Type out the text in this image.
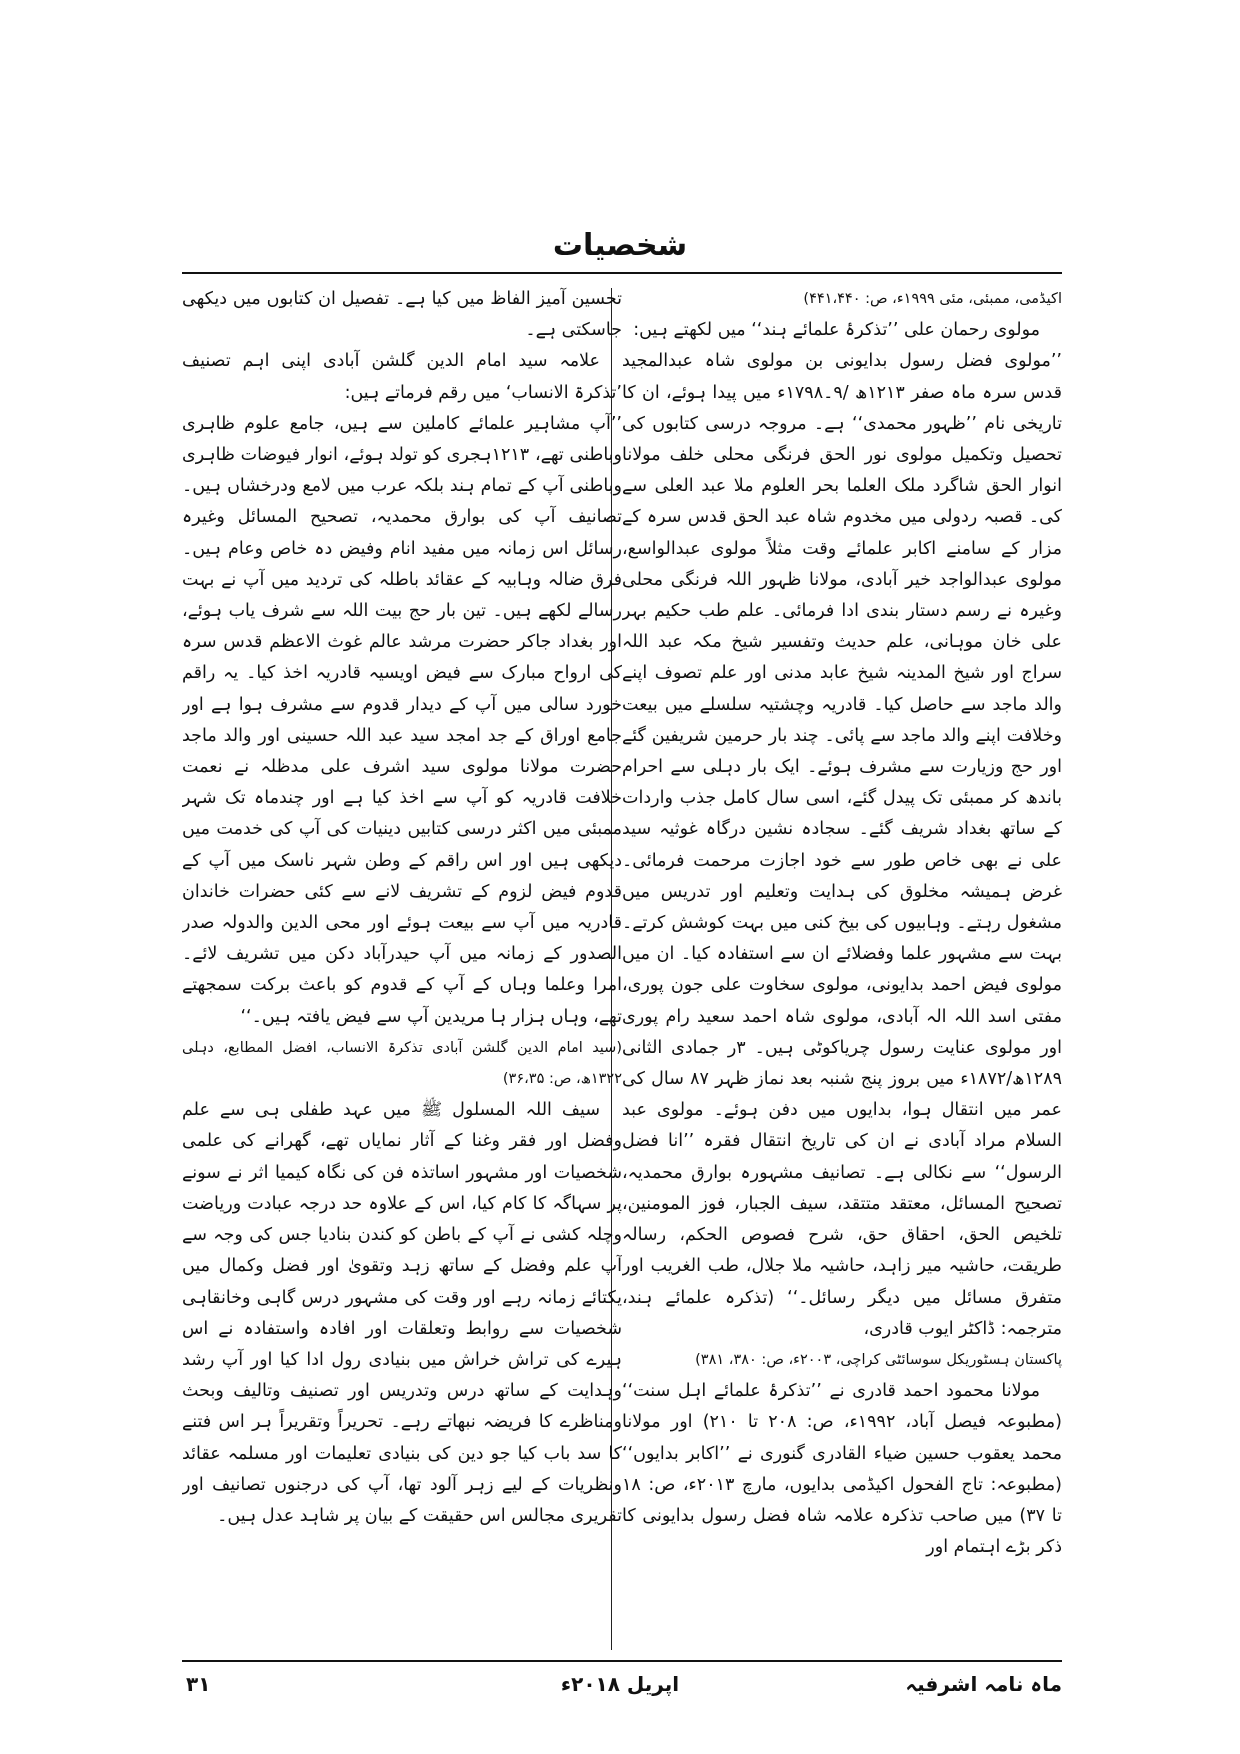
شخصیات

اکیڈمی، ممبئی، مئی ۱۹۹۹ء، ص: ۴۴۱،۴۴۰)

مولوی رحمان علی ’’تذکرۂ علمائے ہند‘‘ میں لکھتے ہیں:

’’مولوی فضل رسول بدایونی بن مولوی شاہ عبدالمجید قدس سرہ ماہ صفر ۱۲۱۳ھ /۹۔۱۷۹۸ء میں پیدا ہوئے، ان کا تاریخی نام ’’ظہور محمدی‘‘ ہے۔ مروجہ درسی کتابوں کی تحصیل وتکمیل مولوی نور الحق فرنگی محلی خلف مولانا انوار الحق شاگرد ملک العلما بحر العلوم ملا عبد العلی سے کی۔ قصبہ ردولی میں مخدوم شاہ عبد الحق قدس سرہ کے مزار کے سامنے اکابر علمائے وقت مثلاً مولوی عبدالواسع، مولوی عبدالواجد خیر آبادی، مولانا ظہور اللہ فرنگی محلی وغیرہ نے رسم دستار بندی ادا فرمائی۔ علم طب حکیم بہر علی خان موہانی، علم حدیث وتفسیر شیخ مکہ عبد اللہ سراج اور شیخ المدینہ شیخ عابد مدنی اور علم تصوف اپنے والد ماجد سے حاصل کیا۔ قادریہ وچشتیہ سلسلے میں بیعت وخلافت اپنے والد ماجد سے پائی۔ چند بار حرمین شریفین گئے اور حج وزیارت سے مشرف ہوئے۔ ایک بار دہلی سے احرام باندھ کر ممبئی تک پیدل گئے، اسی سال کامل جذب واردات کے ساتھ بغداد شریف گئے۔ سجادہ نشین درگاہ غوثیہ سید علی نے بھی خاص طور سے خود اجازت مرحمت فرمائی۔ غرض ہمیشہ مخلوق کی ہدایت وتعلیم اور تدریس میں مشغول رہتے۔ وہابیوں کی بیخ کنی میں بہت کوشش کرتے۔ بہت سے مشہور علما وفضلائے ان سے استفادہ کیا۔ ان میں مولوی فیض احمد بدایونی، مولوی سخاوت علی جون پوری، مفتی اسد اللہ الہ آبادی، مولوی شاہ احمد سعید رام پوری اور مولوی عنایت رسول چریاکوٹی ہیں۔ ۳ر جمادی الثانی ۱۲۸۹ھ/۱۸۷۲ء میں بروز پنج شنبہ بعد نماز ظہر ۸۷ سال کی عمر میں انتقال ہوا، بدایوں میں دفن ہوئے۔ مولوی عبد السلام مراد آبادی نے ان کی تاریخ انتقال فقرہ ’’انا فضل الرسول‘‘ سے نکالی ہے۔ تصانیف مشہورہ بوارق محمدیہ، تصحیح المسائل، معتقد متتقد، سیف الجبار، فوز المومنین، تلخیص الحق، احقاق حق، شرح فصوص الحکم، رسالہ طریقت، حاشیہ میر زاہد، حاشیہ ملا جلال، طب الغریب اور متفرق مسائل میں دیگر رسائل۔‘‘ (تذکرہ علمائے ہند، مترجمہ: ڈاکٹر ایوب قادری،

پاکستان ہسٹوریکل سوسائٹی کراچی، ۲۰۰۳ء، ص: ۳۸۰، ۳۸۱)

مولانا محمود احمد قادری نے ’’تذکرۂ علمائے اہل سنت‘‘ (مطبوعہ فیصل آباد، ۱۹۹۲ء، ص: ۲۰۸ تا ۲۱۰) اور مولانا محمد یعقوب حسین ضیاء القادری گنوری نے ’’اکابر بدایوں‘‘ (مطبوعہ: تاج الفحول اکیڈمی بدایوں، مارچ ۲۰۱۳ء، ص: ۱۸ تا ۳۷) میں صاحب تذکرہ علامہ شاہ فضل رسول بدایونی کا ذکر بڑے اہتمام اور

تحسین آمیز الفاظ میں کیا ہے۔ تفصیل ان کتابوں میں دیکھی جاسکتی ہے۔

علامہ سید امام الدین گلشن آبادی اپنی اہم تصنیف ’تذکرۃ الانساب‘ میں رقم فرماتے ہیں:

’’آپ مشاہیر علمائے کاملین سے ہیں، جامع علوم ظاہری وباطنی تھے، ۱۲۱۳ہجری کو تولد ہوئے، انوار فیوضات ظاہری وباطنی آپ کے تمام ہند بلکہ عرب میں لامع ودرخشاں ہیں۔ تصانیف آپ کی بوارق محمدیہ، تصحیح المسائل وغیرہ رسائل اس زمانہ میں مفید انام وفیض دہ خاص وعام ہیں۔ فرق ضالہ وہابیہ کے عقائد باطلہ کی تردید میں آپ نے بہت رسالے لکھے ہیں۔ تین بار حج بیت اللہ سے شرف یاب ہوئے، اور بغداد جاکر حضرت مرشد عالم غوث الاعظم قدس سرہ کی ارواح مبارک سے فیض اویسیہ قادریہ اخذ کیا۔ یہ راقم خورد سالی میں آپ کے دیدار قدوم سے مشرف ہوا ہے اور جامع اوراق کے جد امجد سید عبد اللہ حسینی اور والد ماجد حضرت مولانا مولوی سید اشرف علی مدظلہ نے نعمت خلافت قادریہ کو آپ سے اخذ کیا ہے اور چندماہ تک شہر ممبئی میں اکثر درسی کتابیں دینیات کی آپ کی خدمت میں دیکھی ہیں اور اس راقم کے وطن شہر ناسک میں آپ کے قدوم فیض لزوم کے تشریف لانے سے کئی حضرات خاندان قادریہ میں آپ سے بیعت ہوئے اور محی الدین والدولہ صدر الصدور کے زمانہ میں آپ حیدرآباد دکن میں تشریف لائے۔ امرا وعلما وہاں کے آپ کے قدوم کو باعث برکت سمجھتے تھے، وہاں ہزار ہا مریدین آپ سے فیض یافتہ ہیں۔‘‘

(سید امام الدین گلشن آبادی تذکرۃ الانساب، افضل المطابع، دہلی ۱۳۲۲ھ، ص: ۳۶،۳۵)

سیف اللہ المسلول ﷺ میں عہد طفلی ہی سے علم وفضل اور فقر وغنا کے آثار نمایاں تھے، گھرانے کی علمی شخصیات اور مشہور اساتذہ فن کی نگاہ کیمیا اثر نے سونے پر سہاگہ کا کام کیا، اس کے علاوہ حد درجہ عبادت وریاضت وچلہ کشی نے آپ کے باطن کو کندن بنادیا جس کی وجہ سے آپ علم وفضل کے ساتھ زہد وتقویٰ اور فضل وکمال میں یکتائے زمانہ رہے اور وقت کی مشہور درس گاہی وخانقاہی شخصیات سے روابط وتعلقات اور افادہ واستفادہ نے اس ہیرے کی تراش خراش میں بنیادی رول ادا کیا اور آپ رشد وہدایت کے ساتھ درس وتدریس اور تصنیف وتالیف وبحث ومناظرے کا فریضہ نبھاتے رہے۔ تحریراً وتقریراً ہر اس فتنے کا سد باب کیا جو دین کی بنیادی تعلیمات اور مسلمہ عقائد ونظریات کے لیے زہر آلود تھا، آپ کی درجنوں تصانیف اور تقریری مجالس اس حقیقت کے بیان پر شاہد عدل ہیں۔

ماہ نامہ اشرفیہ
اپریل ۲۰۱۸ء
۳۱
